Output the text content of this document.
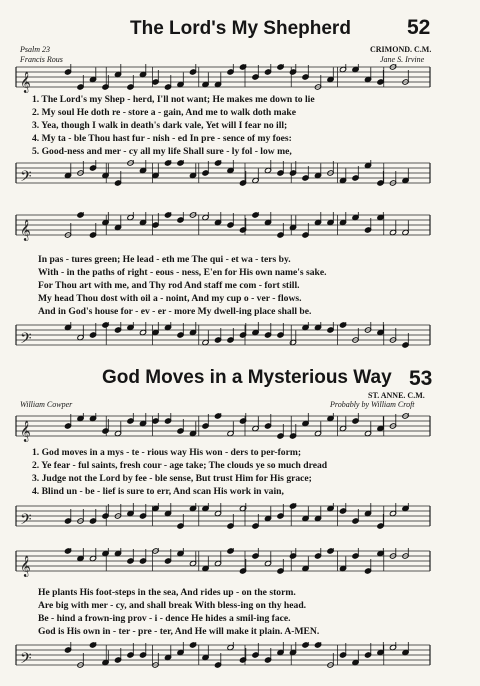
The Lord's My Shepherd	52
Psalm 23
Francis Rous
CRIMOND. C.M.
Jane S. Irvine
𝄞
1. The Lord's my Shep - herd, I'll not want; He makes me down to lie
2. My soul He doth re - store a - gain, And me to walk doth make
3. Yea, though I walk in death's dark vale, Yet will I fear no ill;
4. My ta - ble Thou hast fur - nish - ed In pre - sence of my foes:
5. Good-ness and mer - cy all my life Shall sure - ly fol - low me,
𝄢
𝄞
In pas - tures green; He lead - eth me The qui - et wa - ters by.
With - in the paths of right - eous - ness, E'en for His own name's sake.
For Thou art with me, and Thy rod And staff me com - fort still.
My head Thou dost with oil a - noint, And my cup o - ver - flows.
And in God's house for - ev - er - more My dwell-ing place shall be.
𝄢
God Moves in a Mysterious Way 53
ST. ANNE. C.M.
William Cowper	Probably by William Croft
𝄞
1. God moves in a mys - te - rious way His won - ders to per-form;
2. Ye fear - ful saints, fresh cour - age take; The clouds ye so much dread
3. Judge not the Lord by fee - ble sense, But trust Him for His grace;
4. Blind un - be - lief is sure to err, And scan His work in vain,
𝄢
𝄞
He plants His foot-steps in the sea, And rides up - on the storm.
Are big with mer - cy, and shall break With bless-ing on thy head.
Be - hind a frown-ing prov - i - dence He hides a smil-ing face.
God is His own in - ter - pre - ter, And He will make it plain. A-MEN.
𝄢
